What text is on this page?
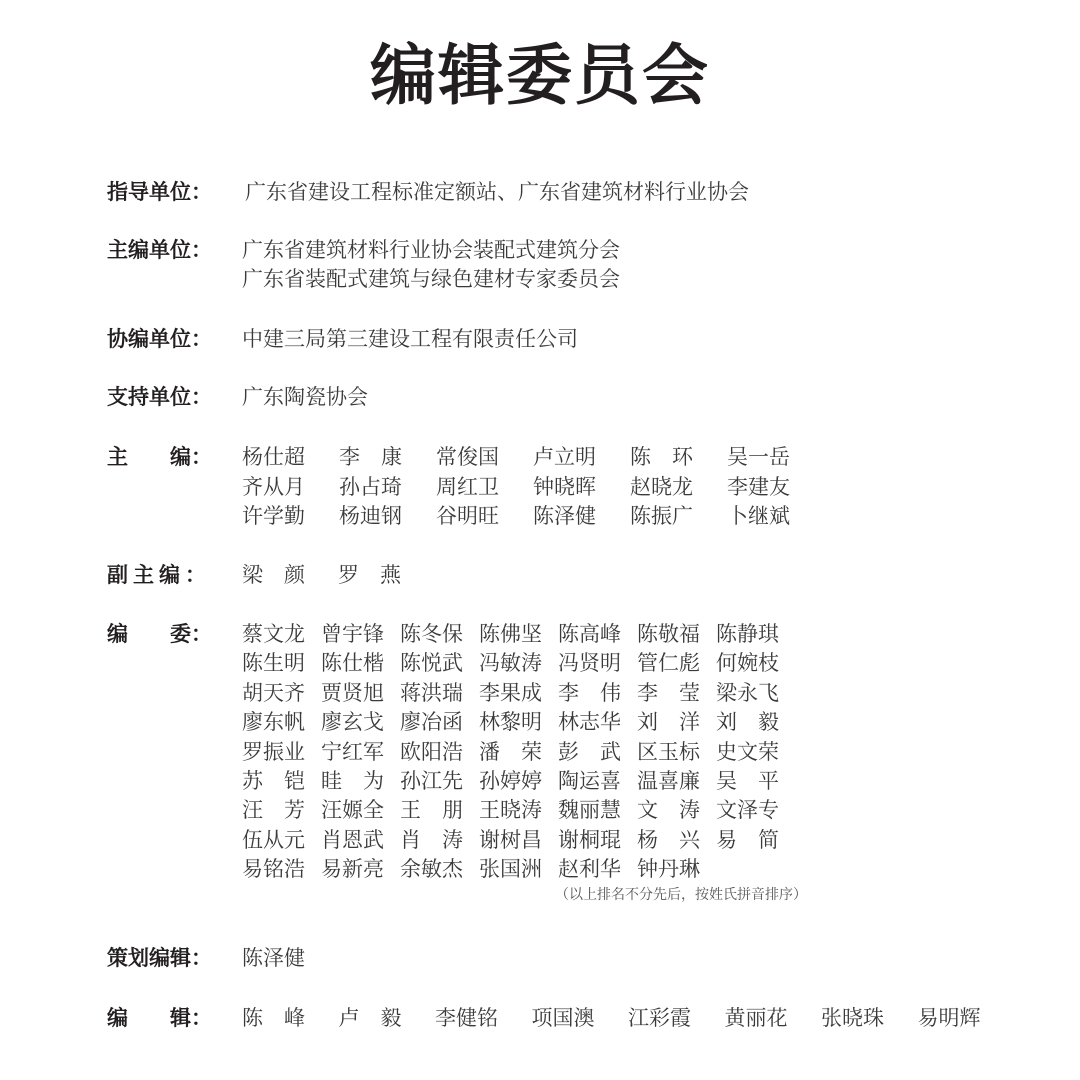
编辑委员会
指导单位：	广东省建设工程标准定额站、广东省建筑材料行业协会
主编单位：	广东省建筑材料行业协会装配式建筑分会
广东省装配式建筑与绿色建材专家委员会
协编单位：	中建三局第三建设工程有限责任公司
支持单位：	广东陶瓷协会
主　　编：	杨仕超 李　康 常俊国 卢立明 陈　环 吴一岳
齐从月 孙占琦 周红卫 钟晓晖 赵晓龙 李建友
许学勤 杨迪钢 谷明旺 陈泽健 陈振广 卜继斌
副主编：	梁　颜 罗　燕
编　　委：	蔡文龙 曾宇锋 陈冬保 陈佛坚 陈高峰 陈敬福 陈静琪
陈生明 陈仕楷 陈悦武 冯敏涛 冯贤明 管仁彪 何婉枝
胡天齐 贾贤旭 蒋洪瑞 李果成 李　伟 李　莹 梁永飞
廖东帆 廖玄戈 廖冶函 林黎明 林志华 刘　洋 刘　毅
罗振业 宁红军 欧阳浩 潘　荣 彭　武 区玉标 史文荣
苏　铠 眭　为 孙江先 孙婷婷 陶运喜 温喜廉 吴　平
汪　芳 汪嫄全 王　朋 王晓涛 魏丽慧 文　涛 文泽专
伍从元 肖恩武 肖　涛 谢树昌 谢桐琨 杨　兴 易　简
易铭浩 易新亮 余敏杰 张国洲 赵利华 钟丹琳
（以上排名不分先后，按姓氏拼音排序）
策划编辑：	陈泽健
编　　辑：	陈　峰 卢　毅 李健铭 项国澳 江彩霞 黄丽花 张晓珠 易明辉
